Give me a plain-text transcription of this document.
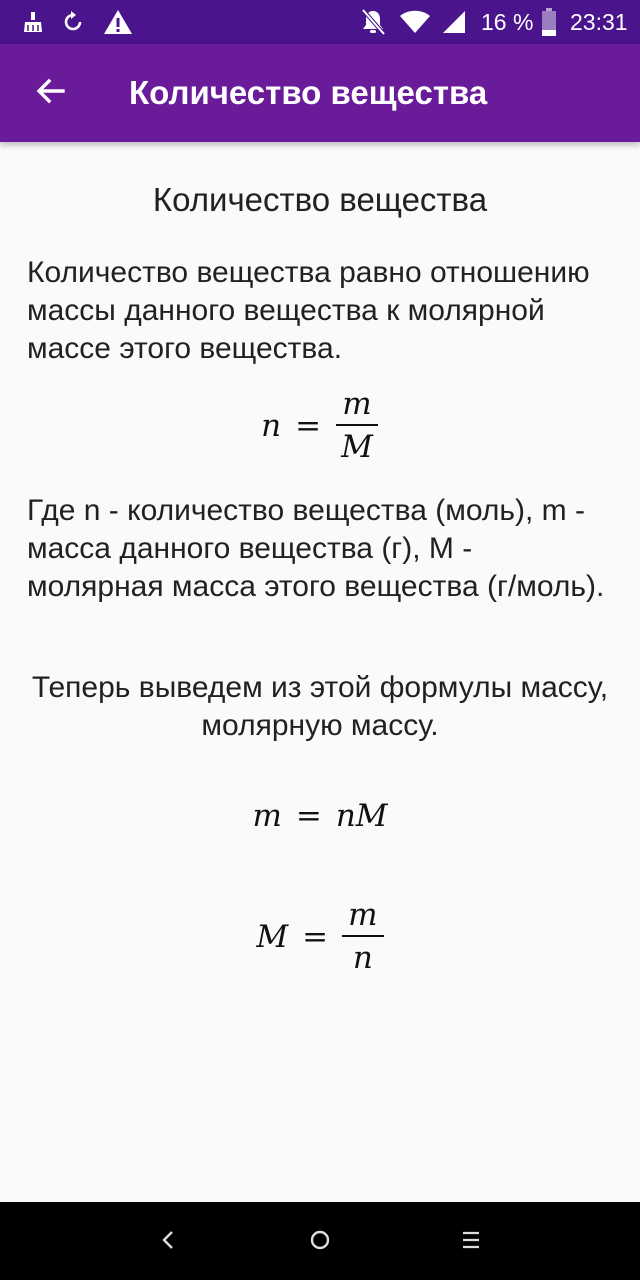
16 % 23:31
Количество вещества
Количество вещества
Количество вещества равно отношению массы данного вещества к молярной массе этого вещества.
$n = \frac{m}{M}$
Где n - количество вещества (моль), m - масса данного вещества (г), М - молярная масса этого вещества (г/моль).
Теперь выведем из этой формулы массу, молярную массу.
m = nM
$M = \frac{m}{n}$
